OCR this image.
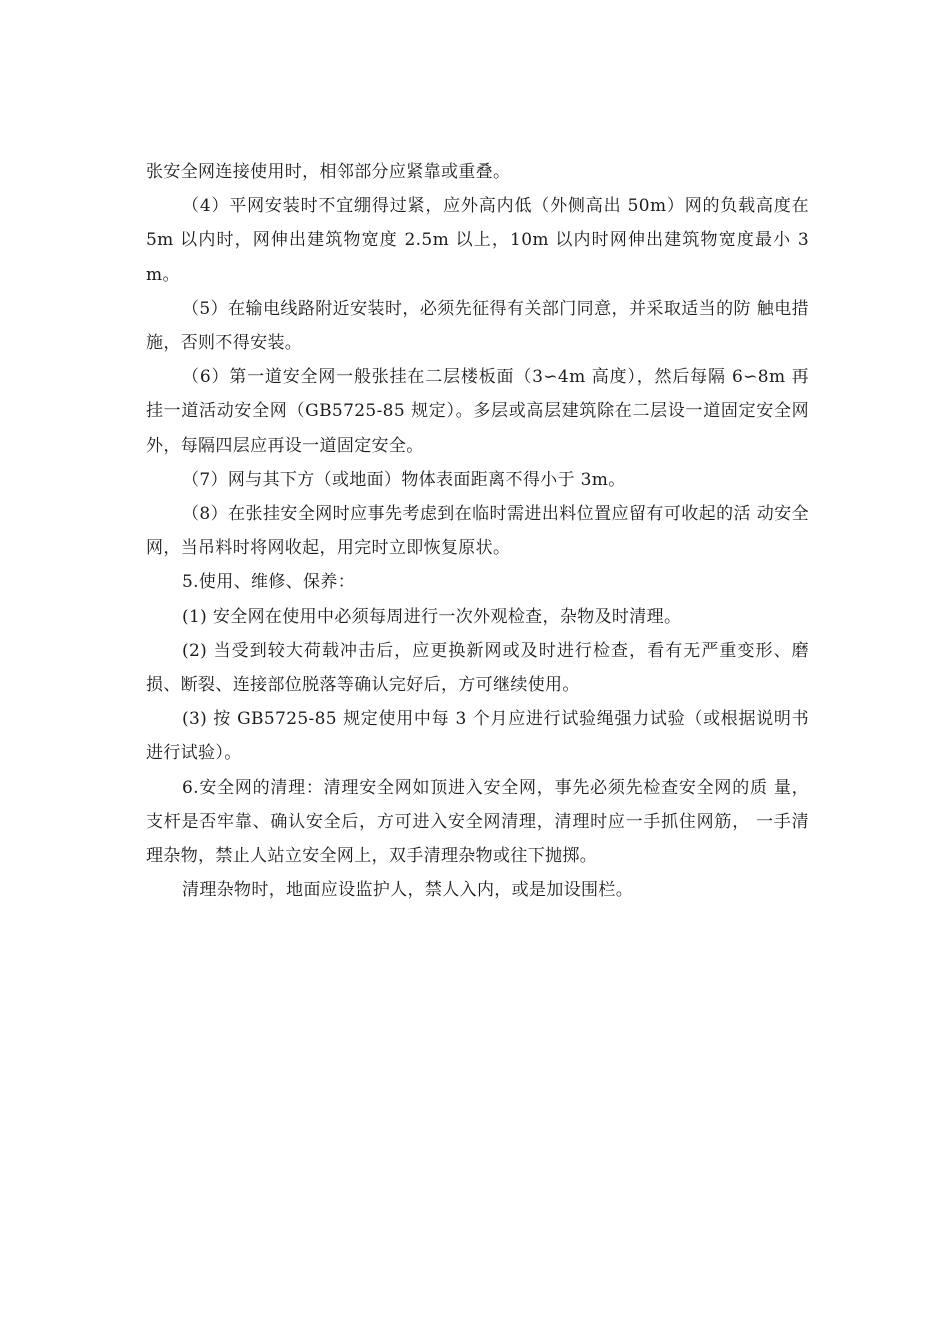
张安全网连接使用时，相邻部分应紧靠或重叠。

（4）平网安装时不宜绷得过紧，应外高内低（外侧高出 50m）网的负载高度在 5m 以内时，网伸出建筑物宽度 2.5m 以上，10m 以内时网伸出建筑物宽度最小 3m。

（5）在输电线路附近安装时，必须先征得有关部门同意，并采取适当的防 触电措施，否则不得安装。

（6）第一道安全网一般张挂在二层楼板面（3∽4m 高度），然后每隔 6∽8m 再挂一道活动安全网（GB5725-85 规定）。多层或高层建筑除在二层设一道固定安全网外，每隔四层应再设一道固定安全。

（7）网与其下方（或地面）物体表面距离不得小于 3m。

（8）在张挂安全网时应事先考虑到在临时需进出料位置应留有可收起的活 动安全网，当吊料时将网收起，用完时立即恢复原状。

5.使用、维修、保养：

(1) 安全网在使用中必须每周进行一次外观检查，杂物及时清理。

(2) 当受到较大荷载冲击后，应更换新网或及时进行检查，看有无严重变形、磨损、断裂、连接部位脱落等确认完好后，方可继续使用。

(3) 按 GB5725-85 规定使用中每 3 个月应进行试验绳强力试验（或根据说明书进行试验）。

6.安全网的清理：清理安全网如顶进入安全网，事先必须先检查安全网的质 量，支杆是否牢靠、确认安全后，方可进入安全网清理，清理时应一手抓住网筋， 一手清理杂物，禁止人站立安全网上，双手清理杂物或往下抛掷。

清理杂物时，地面应设监护人，禁人入内，或是加设围栏。
